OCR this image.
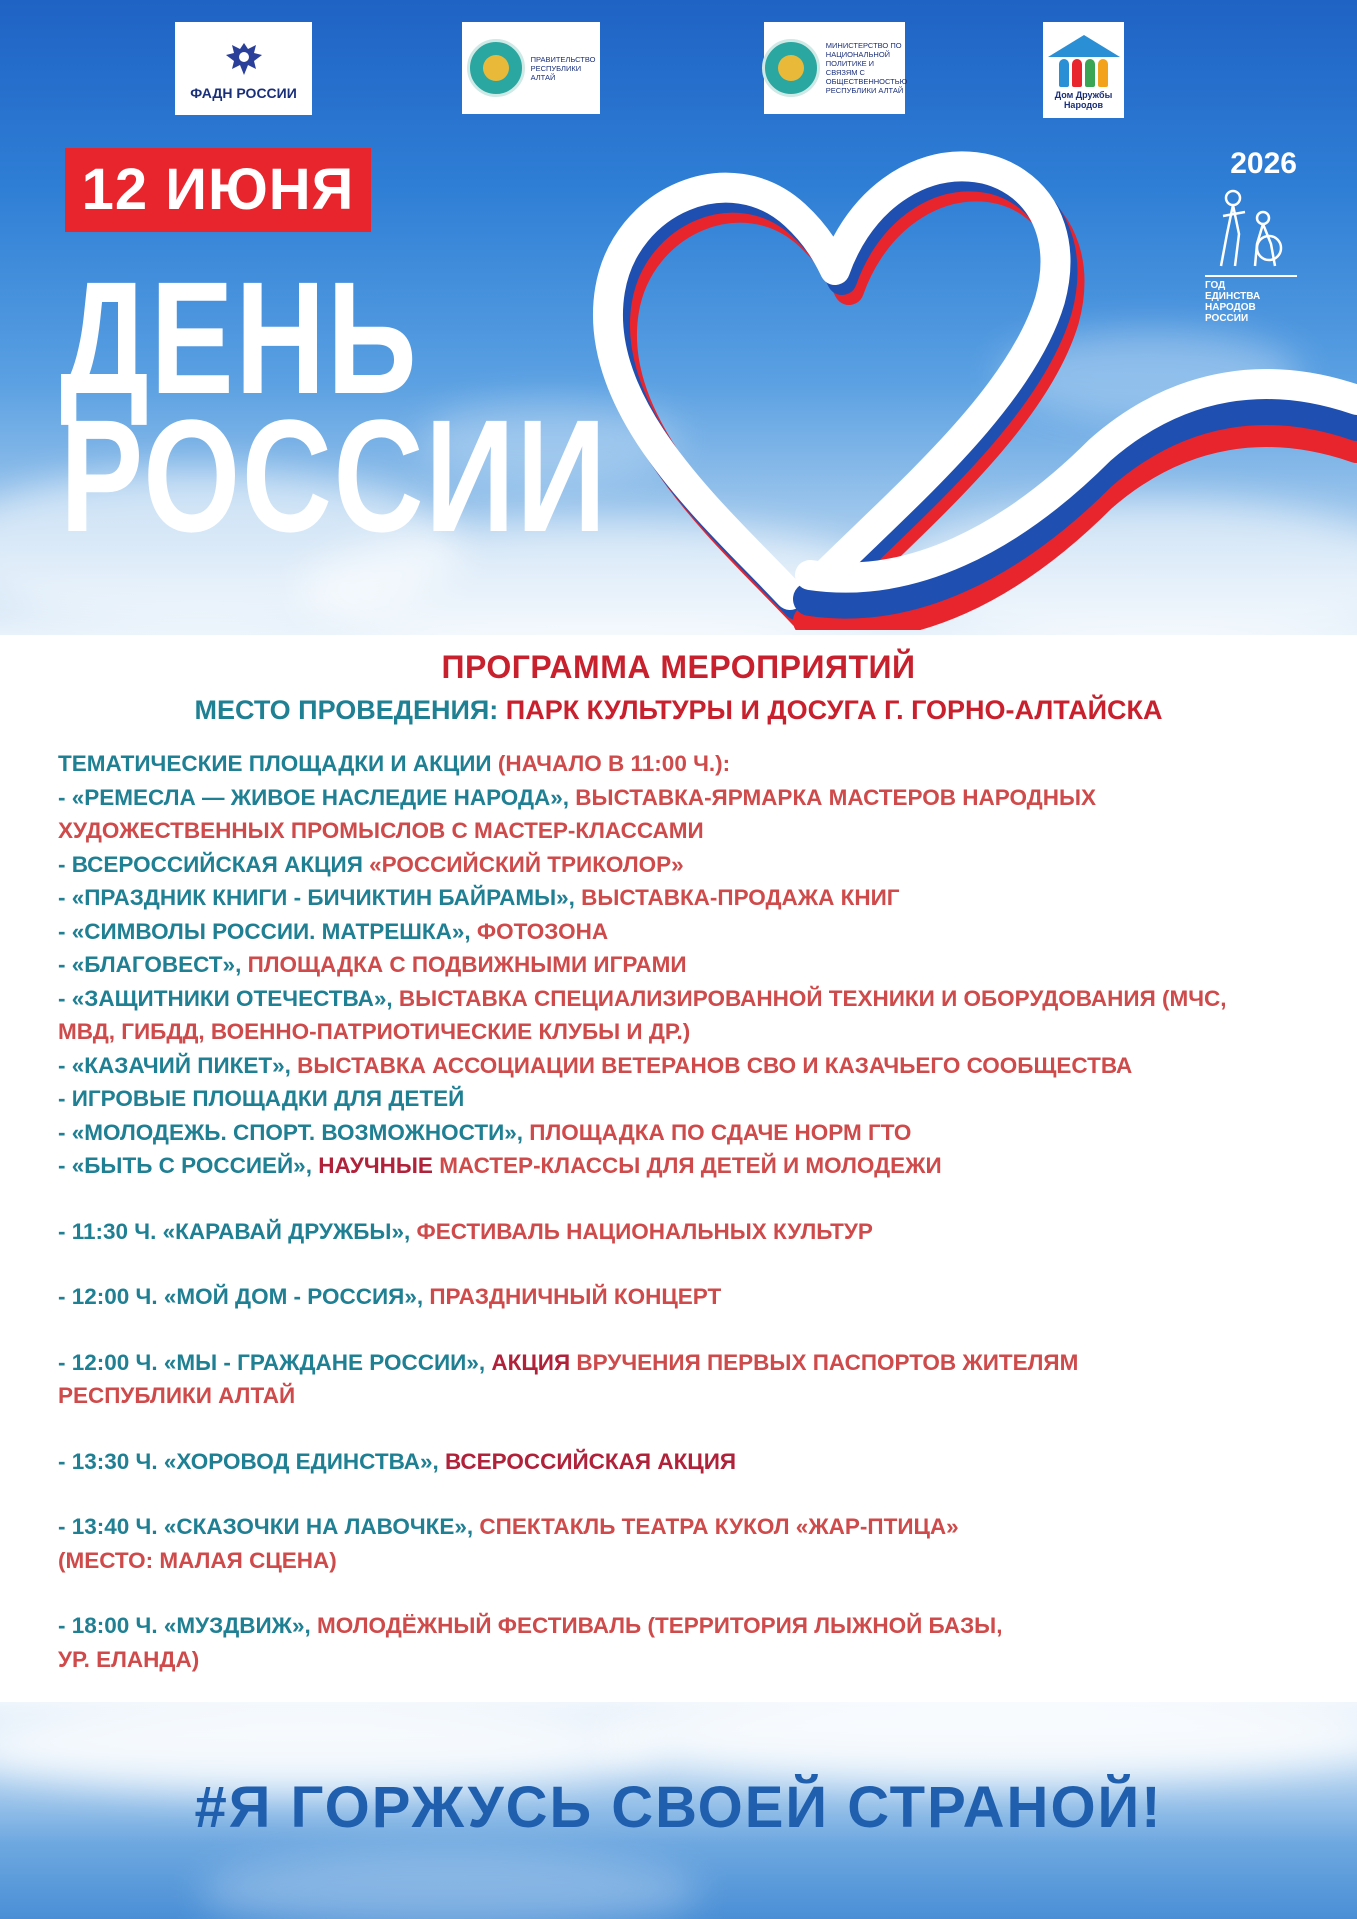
ФАДН РОССИИ
ПРАВИТЕЛЬСТВО РЕСПУБЛИКИ АЛТАЙ
МИНИСТЕРСТВО ПО НАЦИОНАЛЬНОЙ ПОЛИТИКЕ И СВЯЗЯМ С ОБЩЕСТВЕННОСТЬЮ РЕСПУБЛИКИ АЛТАЙ	Дом Дружбы
Народов
12 ИЮНЯ
ДЕНЬ
РОССИИ
2026
ГОД
ЕДИНСТВА
НАРОДОВ
РОССИИ
ПРОГРАММА МЕРОПРИЯТИЙ
МЕСТО ПРОВЕДЕНИЯ: ПАРК КУЛЬТУРЫ И ДОСУГА Г. ГОРНО-АЛТАЙСКА
ТЕМАТИЧЕСКИЕ ПЛОЩАДКИ И АКЦИИ (НАЧАЛО В 11:00 Ч.):
- «РЕМЕСЛА — ЖИВОЕ НАСЛЕДИЕ НАРОДА», ВЫСТАВКА-ЯРМАРКА МАСТЕРОВ НАРОДНЫХ
ХУДОЖЕСТВЕННЫХ ПРОМЫСЛОВ С МАСТЕР-КЛАССАМИ
- ВСЕРОССИЙСКАЯ АКЦИЯ «РОССИЙСКИЙ ТРИКОЛОР»
- «ПРАЗДНИК КНИГИ - БИЧИКТИН БАЙРАМЫ», ВЫСТАВКА-ПРОДАЖА КНИГ
- «СИМВОЛЫ РОССИИ. МАТРЕШКА», ФОТОЗОНА
- «БЛАГОВЕСТ», ПЛОЩАДКА С ПОДВИЖНЫМИ ИГРАМИ
- «ЗАЩИТНИКИ ОТЕЧЕСТВА», ВЫСТАВКА СПЕЦИАЛИЗИРОВАННОЙ ТЕХНИКИ И ОБОРУДОВАНИЯ (МЧС,
МВД, ГИБДД, ВОЕННО-ПАТРИОТИЧЕСКИЕ КЛУБЫ И ДР.)
- «КАЗАЧИЙ ПИКЕТ», ВЫСТАВКА АССОЦИАЦИИ ВЕТЕРАНОВ СВО И КАЗАЧЬЕГО СООБЩЕСТВА
- ИГРОВЫЕ ПЛОЩАДКИ ДЛЯ ДЕТЕЙ
- «МОЛОДЕЖЬ. СПОРТ. ВОЗМОЖНОСТИ», ПЛОЩАДКА ПО СДАЧЕ НОРМ ГТО
- «БЫТЬ С РОССИЕЙ», НАУЧНЫЕ МАСТЕР-КЛАССЫ ДЛЯ ДЕТЕЙ И МОЛОДЕЖИ
- 11:30 Ч. «КАРАВАЙ ДРУЖБЫ», ФЕСТИВАЛЬ НАЦИОНАЛЬНЫХ КУЛЬТУР
- 12:00 Ч. «МОЙ ДОМ - РОССИЯ», ПРАЗДНИЧНЫЙ КОНЦЕРТ
- 12:00 Ч. «МЫ - ГРАЖДАНЕ РОССИИ», АКЦИЯ ВРУЧЕНИЯ ПЕРВЫХ ПАСПОРТОВ ЖИТЕЛЯМ
РЕСПУБЛИКИ АЛТАЙ
- 13:30 Ч. «ХОРОВОД ЕДИНСТВА», ВСЕРОССИЙСКАЯ АКЦИЯ
- 13:40 Ч. «СКАЗОЧКИ НА ЛАВОЧКЕ», СПЕКТАКЛЬ ТЕАТРА КУКОЛ «ЖАР-ПТИЦА»
(МЕСТО: МАЛАЯ СЦЕНА)
- 18:00 Ч. «МУЗДВИЖ», МОЛОДЁЖНЫЙ ФЕСТИВАЛЬ (ТЕРРИТОРИЯ ЛЫЖНОЙ БАЗЫ,
УР. ЕЛАНДА)
#Я ГОРЖУСЬ СВОЕЙ СТРАНОЙ!
